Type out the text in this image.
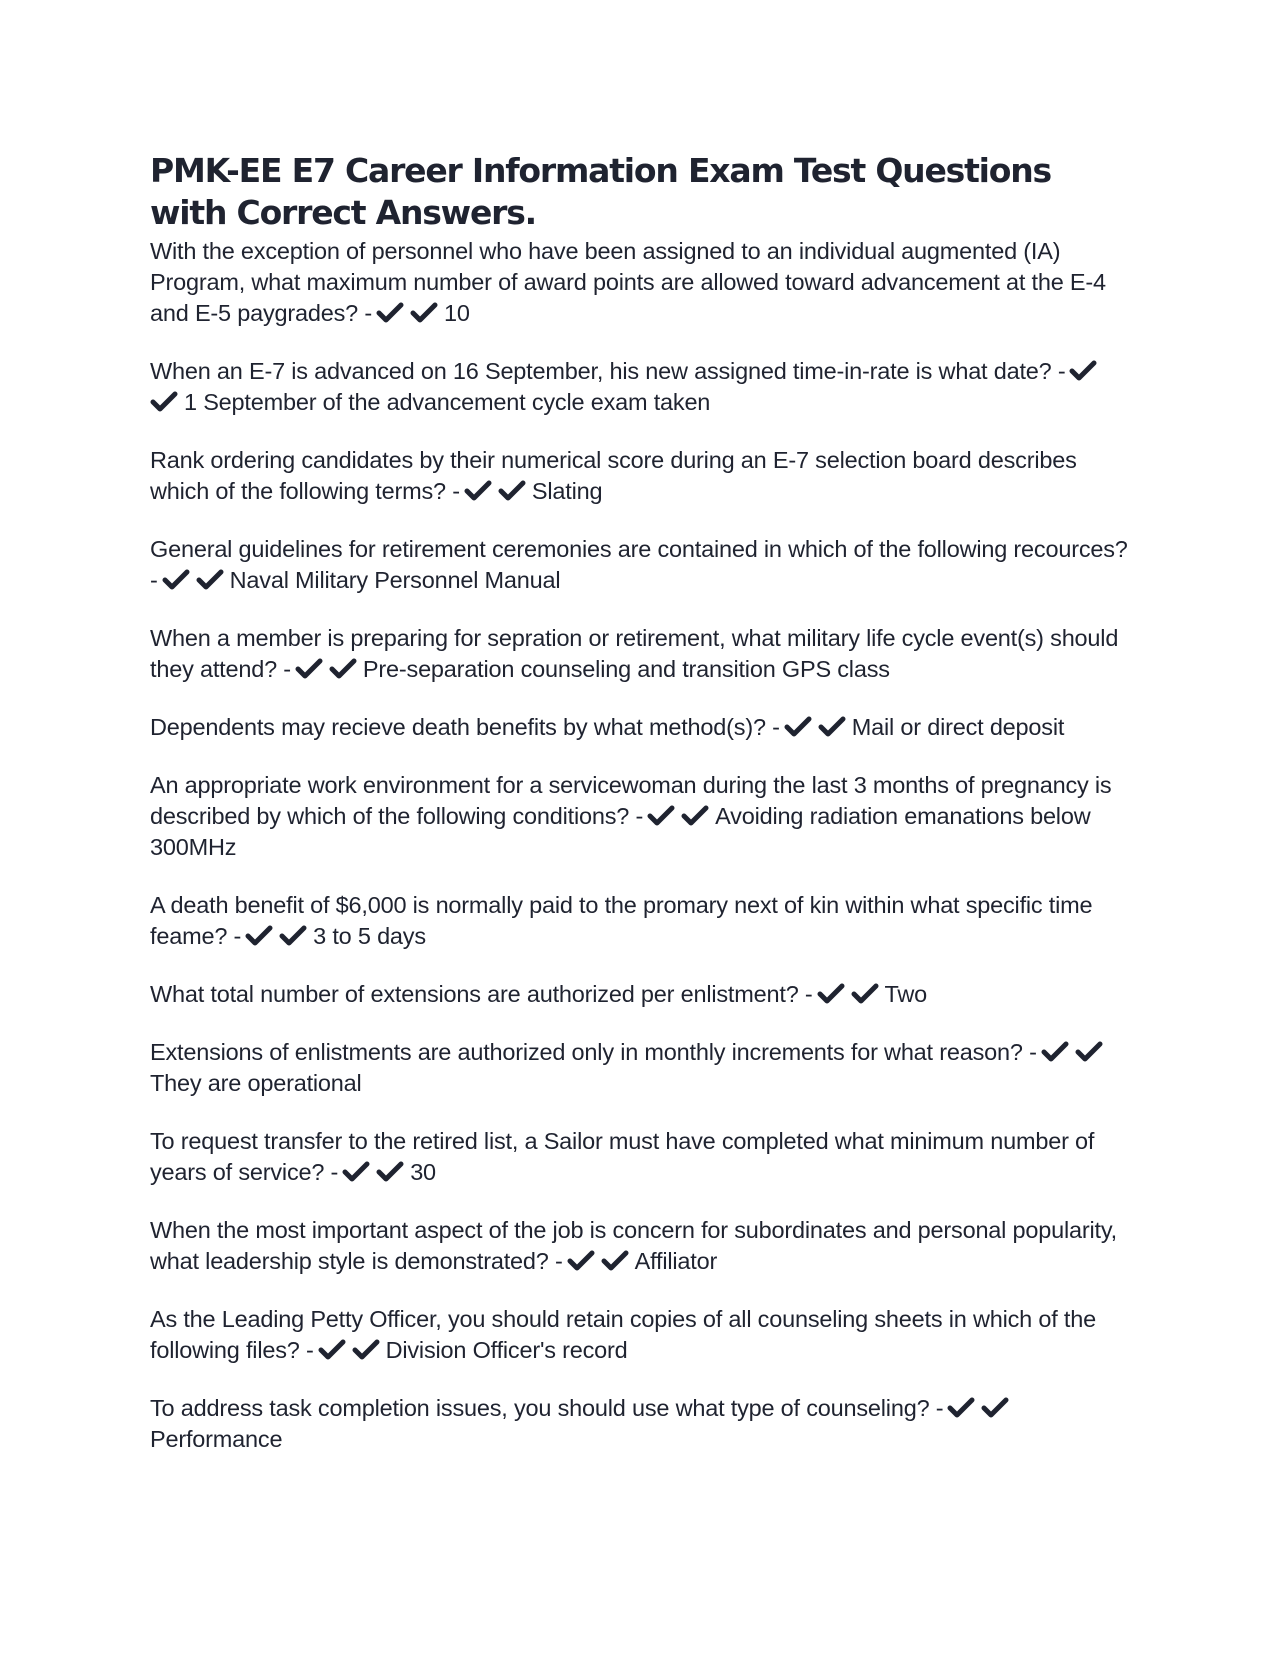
PMK-EE E7 Career Information Exam Test Questions with Correct Answers.

With the exception of personnel who have been assigned to an individual augmented (IA) Program, what maximum number of award points are allowed toward advancement at the E-4 and E-5 paygrades? -	10

When an E-7 is advanced on 16 September, his new assigned time-in-rate is what date? -1 September of the advancement cycle exam taken

Rank ordering candidates by their numerical score during an E-7 selection board describes which of the following terms? -	Slating

General guidelines for retirement ceremonies are contained in which of the following recources? -	Naval Military Personnel Manual

When a member is preparing for sepration or retirement, what military life cycle event(s) should they attend? -	Pre-separation counseling and transition GPS class

Dependents may recieve death benefits by what method(s)? -	Mail or direct deposit

An appropriate work environment for a servicewoman during the last 3 months of pregnancy is described by which of the following conditions? -	Avoiding radiation emanations below 300MHz

A death benefit of $6,000 is normally paid to the promary next of kin within what specific time feame? -	3 to 5 days

What total number of extensions are authorized per enlistment? -	Two

Extensions of enlistments are authorized only in monthly increments for what reason? -They are operational

To request transfer to the retired list, a Sailor must have completed what minimum number of years of service? -	30

When the most important aspect of the job is concern for subordinates and personal popularity, what leadership style is demonstrated? -	Affiliator

As the Leading Petty Officer, you should retain copies of all counseling sheets in which of the following files? -	Division Officer's record

To address task completion issues, you should use what type of counseling? -Performance
